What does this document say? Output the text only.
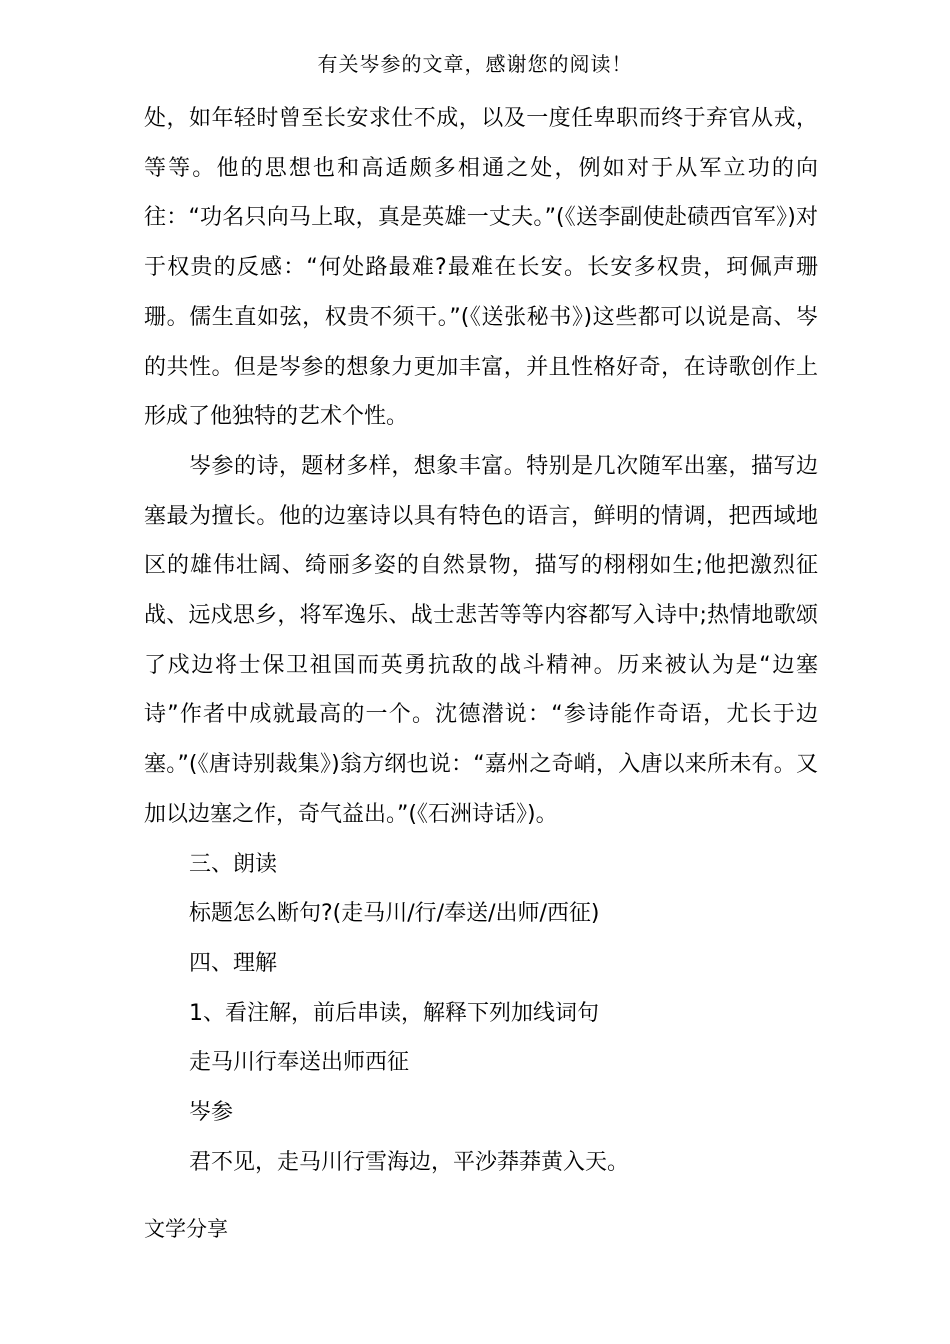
有关岑参的文章，感谢您的阅读！

处，如年轻时曾至长安求仕不成，以及一度任卑职而终于弃官从戎，等等。他的思想也和高适颇多相通之处，例如对于从军立功的向往：“功名只向马上取，真是英雄一丈夫。”(《送李副使赴碛西官军》)对于权贵的反感：“何处路最难?最难在长安。长安多权贵，珂佩声珊珊。儒生直如弦，权贵不须干。”(《送张秘书》)这些都可以说是高、岑的共性。但是岑参的想象力更加丰富，并且性格好奇，在诗歌创作上形成了他独特的艺术个性。

岑参的诗，题材多样，想象丰富。特别是几次随军出塞，描写边塞最为擅长。他的边塞诗以具有特色的语言，鲜明的情调，把西域地区的雄伟壮阔、绮丽多姿的自然景物，描写的栩栩如生;他把激烈征战、远戍思乡，将军逸乐、战士悲苦等等内容都写入诗中;热情地歌颂了戍边将士保卫祖国而英勇抗敌的战斗精神。历来被认为是“边塞诗”作者中成就最高的一个。沈德潜说：“参诗能作奇语，尤长于边塞。”(《唐诗别裁集》)翁方纲也说：“嘉州之奇峭，入唐以来所未有。又加以边塞之作，奇气益出。”(《石洲诗话》)。

三、朗读

标题怎么断句?(走马川/行/奉送/出师/西征)

四、理解

1、看注解，前后串读，解释下列加线词句

走马川行奉送出师西征

岑参

君不见，走马川行雪海边，平沙莽莽黄入天。

文学分享
